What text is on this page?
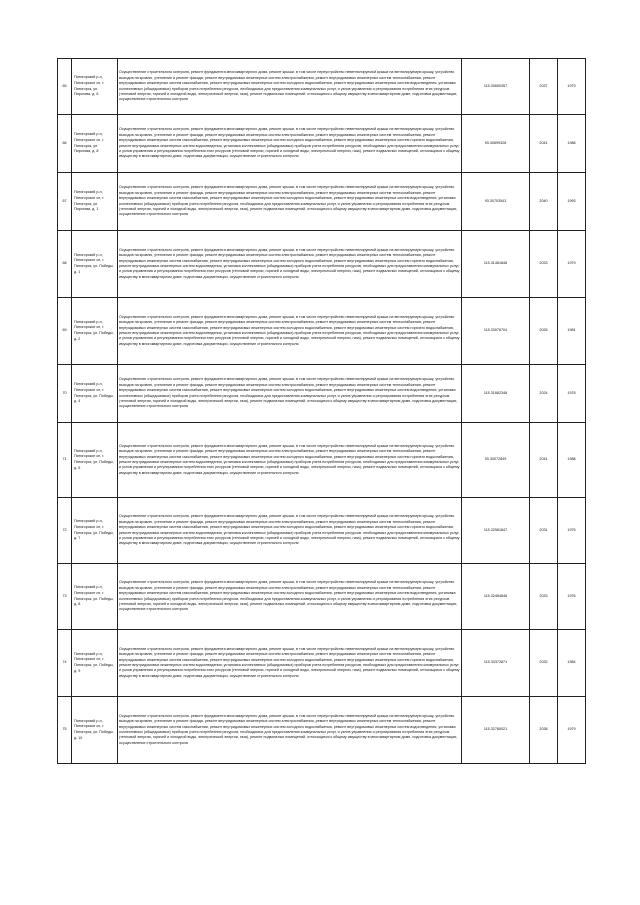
65	Пятигорский р-н, Пятигорское сп, г. Пятигорск, ул. Пирогова, д. 6	Осуществление строительного контроля, ремонт фундамента многоквартирного дома, ремонт крыши, в том числе переустройство невентилируемой крыши на вентилируемую крышу, устройство выходов на кровлю, утепление и ремонт фасада, ремонт внутридомовых инженерных систем электроснабжения, ремонт внутридомовых инженерных систем теплоснабжения, ремонт внутридомовых инженерных систем газоснабжения, ремонт внутридомовых инженерных систем холодного водоснабжения, ремонт внутридомовых инженерных систем водоотведения, установка коллективных (общедомовых) приборов учета потребления ресурсов, необходимых для предоставления коммунальных услуг, и узлов управления и регулирования потребления этих ресурсов (тепловой энергии, горячей и холодной воды, электрической энергии, газа), ремонт подвальных помещений, относящихся к общему имуществу в многоквартирном доме, подготовка документации, осуществление строительного контроля	115.30650357	2037	1979
66	Пятигорский р-н, Пятигорское сп, г. Пятигорск, ул. Пирогова, д. 8	Осуществление строительного контроля, ремонт фундамента многоквартирного дома, ремонт крыши, в том числе переустройство невентилируемой крыши на вентилируемую крышу, устройство выходов на кровлю, утепление и ремонт фасада, ремонт внутридомовых инженерных систем электроснабжения, ремонт внутридомовых инженерных систем теплоснабжения, ремонт внутридомовых инженерных систем газоснабжения, ремонт внутридомовых инженерных систем холодного водоснабжения, ремонт внутридомовых инженерных систем горячего водоснабжения, ремонт внутридомовых инженерных систем водоотведения, установка коллективных (общедомовых) приборов учета потребления ресурсов, необходимых для предоставления коммунальных услуг, и узлов управления и регулирования потребления этих ресурсов (тепловой энергии, горячей и холодной воды, электрической энергии, газа), ремонт подвальных помещений, относящихся к общему имуществу в многоквартирном доме, подготовка документации, осуществление строительного контроля	93.30699328	2041	1988
67	Пятигорский р-н, Пятигорское сп, г. Пятигорск, ул. Пирогова, д. 1	Осуществление строительного контроля, ремонт фундамента многоквартирного дома, ремонт крыши, в том числе переустройство невентилируемой крыши на вентилируемую крышу, устройство выходов на кровлю, утепление и ремонт фасада, ремонт внутридомовых инженерных систем электроснабжения, ремонт внутридомовых инженерных систем теплоснабжения, ремонт внутридомовых инженерных систем газоснабжения, ремонт внутридомовых инженерных систем холодного водоснабжения, ремонт внутридомовых инженерных систем водоотведения, установка коллективных (общедомовых) приборов учета потребления ресурсов, необходимых для предоставления коммунальных услуг, и узлов управления и регулирования потребления этих ресурсов (тепловой энергии, горячей и холодной воды, электрической энергии, газа), ремонт подвальных помещений, относящихся к общему имуществу в многоквартирном доме, подготовка документации, осуществление строительного контроля	93.30703543	2040	1993
68	Пятигорский р-н, Пятигорское сп, г. Пятигорск, ул. Победы, д. 1	Осуществление строительного контроля, ремонт фундамента многоквартирного дома, ремонт крыши, в том числе переустройство невентилируемой крыши на вентилируемую крышу, устройство выходов на кровлю, утепление и ремонт фасада, ремонт внутридомовых инженерных систем электроснабжения, ремонт внутридомовых инженерных систем теплоснабжения, ремонт внутридомовых инженерных систем газоснабжения, ремонт внутридомовых инженерных систем холодного водоснабжения, ремонт внутридомовых инженерных систем горячего водоснабжения, ремонт внутридомовых инженерных систем водоотведения, установка коллективных (общедомовых) приборов учета потребления ресурсов, необходимых для предоставления коммунальных услуг, и узлов управления и регулирования потребления этих ресурсов (тепловой энергии, горячей и холодной воды, электрической энергии, газа), ремонт подвальных помещений, относящихся к общему имуществу в многоквартирном доме, подготовка документации, осуществление строительного контроля	115.31481848	2033	1979
69	Пятигорский р-н, Пятигорское сп, г. Пятигорск, ул. Победы, д. 2	Осуществление строительного контроля, ремонт фундамента многоквартирного дома, ремонт крыши, в том числе переустройство невентилируемой крыши на вентилируемую крышу, устройство выходов на кровлю, утепление и ремонт фасада, ремонт внутридомовых инженерных систем электроснабжения, ремонт внутридомовых инженерных систем теплоснабжения, ремонт внутридомовых инженерных систем газоснабжения, ремонт внутридомовых инженерных систем холодного водоснабжения, ремонт внутридомовых инженерных систем горячего водоснабжения, ремонт внутридомовых инженерных систем водоотведения, установка коллективных (общедомовых) приборов учета потребления ресурсов, необходимых для предоставления коммунальных услуг, и узлов управления и регулирования потребления этих ресурсов (тепловой энергии, горячей и холодной воды, электрической энергии, газа), ремонт подвальных помещений, относящихся к общему имуществу в многоквартирном доме, подготовка документации, осуществление строительного контроля	115.33076704	2026	1981
70	Пятигорский р-н, Пятигорское сп, г. Пятигорск, ул. Победы, д. 4	Осуществление строительного контроля, ремонт фундамента многоквартирного дома, ремонт крыши, в том числе переустройство невентилируемой крыши на вентилируемую крышу, устройство выходов на кровлю, утепление и ремонт фасада, ремонт внутридомовых инженерных систем электроснабжения, ремонт внутридомовых инженерных систем теплоснабжения, ремонт внутридомовых инженерных систем газоснабжения, ремонт внутридомовых инженерных систем холодного водоснабжения, ремонт внутридомовых инженерных систем водоотведения, установка коллективных (общедомовых) приборов учета потребления ресурсов, необходимых для предоставления коммунальных услуг, и узлов управления и регулирования потребления этих ресурсов (тепловой энергии, горячей и холодной воды, электрической энергии, газа), ремонт подвальных помещений, относящихся к общему имуществу в многоквартирном доме, подготовка документации, осуществление строительного контроля	115.31682348	2024	1978
71	Пятигорский р-н, Пятигорское сп, г. Пятигорск, ул. Победы, д. 5	Осуществление строительного контроля, ремонт фундамента многоквартирного дома, ремонт крыши, в том числе переустройство невентилируемой крыши на вентилируемую крышу, устройство выходов на кровлю, утепление и ремонт фасада, ремонт внутридомовых инженерных систем электроснабжения, ремонт внутридомовых инженерных систем теплоснабжения, ремонт внутридомовых инженерных систем газоснабжения, ремонт внутридомовых инженерных систем холодного водоснабжения, ремонт внутридомовых инженерных систем горячего водоснабжения, ремонт внутридомовых инженерных систем водоотведения, установка коллективных (общедомовых) приборов учета потребления ресурсов, необходимых для предоставления коммунальных услуг, и узлов управления и регулирования потребления этих ресурсов (тепловой энергии, горячей и холодной воды, электрической энергии, газа), ремонт подвальных помещений, относящихся к общему имуществу в многоквартирном доме, подготовка документации, осуществление строительного контроля	93.30072849	2041	1988
72	Пятигорский р-н, Пятигорское сп, г. Пятигорск, ул. Победы, д. 7	Осуществление строительного контроля, ремонт фундамента многоквартирного дома, ремонт крыши, в том числе переустройство невентилируемой крыши на вентилируемую крышу, устройство выходов на кровлю, утепление и ремонт фасада, ремонт внутридомовых инженерных систем электроснабжения, ремонт внутридомовых инженерных систем теплоснабжения, ремонт внутридомовых инженерных систем газоснабжения, ремонт внутридомовых инженерных систем холодного водоснабжения, ремонт внутридомовых инженерных систем горячего водоснабжения, ремонт внутридомовых инженерных систем водоотведения, установка коллективных (общедомовых) приборов учета потребления ресурсов, необходимых для предоставления коммунальных услуг, и узлов управления и регулирования потребления этих ресурсов (тепловой энергии, горячей и холодной воды, электрической энергии, газа), ремонт подвальных помещений, относящихся к общему имуществу в многоквартирном доме, подготовка документации, осуществление строительного контроля	115.32581847	2031	1975
73	Пятигорский р-н, Пятигорское сп, г. Пятигорск, ул. Победы, д. 8	Осуществление строительного контроля, ремонт фундамента многоквартирного дома, ремонт крыши, в том числе переустройство невентилируемой крыши на вентилируемую крышу, устройство выходов на кровлю, утепление и ремонт фасада, ремонт внутридомовых инженерных систем электроснабжения, ремонт внутридомовых инженерных систем теплоснабжения, ремонт внутридомовых инженерных систем газоснабжения, ремонт внутридомовых инженерных систем холодного водоснабжения, ремонт внутридомовых инженерных систем водоотведения, установка коллективных (общедомовых) приборов учета потребления ресурсов, необходимых для предоставления коммунальных услуг, и узлов управления и регулирования потребления этих ресурсов (тепловой энергии, горячей и холодной воды, электрической энергии, газа), ремонт подвальных помещений, относящихся к общему имуществу в многоквартирном доме, подготовка документации, осуществление строительного контроля	115.32484846	2033	1976
74	Пятигорский р-н, Пятигорское сп, г. Пятигорск, ул. Победы, д. 9	Осуществление строительного контроля, ремонт фундамента многоквартирного дома, ремонт крыши, в том числе переустройство невентилируемой крыши на вентилируемую крышу, устройство выходов на кровлю, утепление и ремонт фасада, ремонт внутридомовых инженерных систем электроснабжения, ремонт внутридомовых инженерных систем теплоснабжения, ремонт внутридомовых инженерных систем газоснабжения, ремонт внутридомовых инженерных систем холодного водоснабжения, ремонт внутридомовых инженерных систем горячего водоснабжения, ремонт внутридомовых инженерных систем водоотведения, установка коллективных (общедомовых) приборов учета потребления ресурсов, необходимых для предоставления коммунальных услуг, и узлов управления и регулирования потребления этих ресурсов (тепловой энергии, горячей и холодной воды, электрической энергии, газа), ремонт подвальных помещений, относящихся к общему имуществу в многоквартирном доме, подготовка документации, осуществление строительного контроля	115.33372871	2032	1984
75	Пятигорский р-н, Пятигорское сп, г. Пятигорск, ул. Победы, д. 10	Осуществление строительного контроля, ремонт фундамента многоквартирного дома, ремонт крыши, в том числе переустройство невентилируемой крыши на вентилируемую крышу, устройство выходов на кровлю, утепление и ремонт фасада, ремонт внутридомовых инженерных систем электроснабжения, ремонт внутридомовых инженерных систем теплоснабжения, ремонт внутридомовых инженерных систем газоснабжения, ремонт внутридомовых инженерных систем холодного водоснабжения, ремонт внутридомовых инженерных систем водоотведения, установка коллективных (общедомовых) приборов учета потребления ресурсов, необходимых для предоставления коммунальных услуг, и узлов управления и регулирования потребления этих ресурсов (тепловой энергии, горячей и холодной воды, электрической энергии, газа), ремонт подвальных помещений, относящихся к общему имуществу в многоквартирном доме, подготовка документации, осуществление строительного контроля	115.32780021	2038	1979
